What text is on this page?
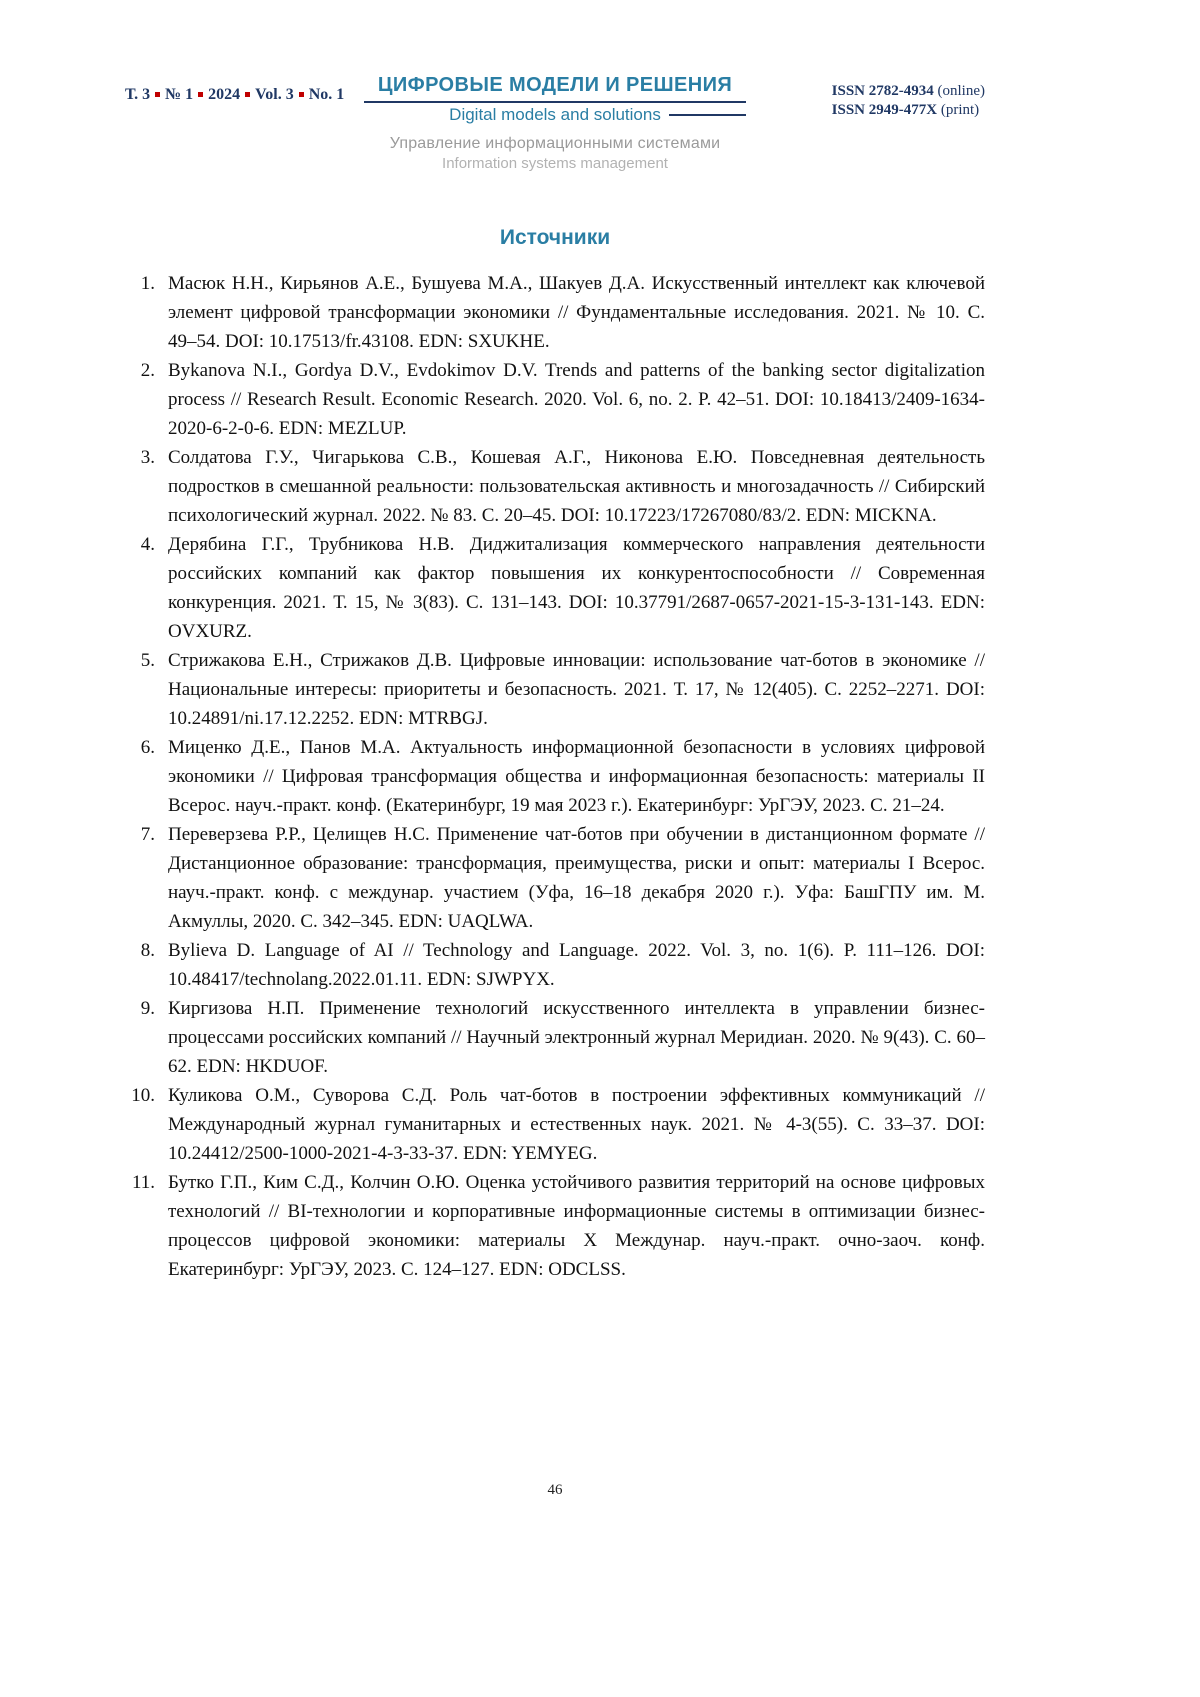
Т. 3 № 1 2024 Vol. 3 No. 1	ЦИФРОВЫЕ МОДЕЛИ И РЕШЕНИЯ
Digital models and solutions
ISSN 2782-4934 (online)
ISSN 2949-477X (print)
Управление информационными системами
Information systems management
Источники
1. Масюк Н.Н., Кирьянов А.Е., Бушуева М.А., Шакуев Д.А. Искусственный интеллект как ключевой элемент цифровой трансформации экономики // Фундаментальные исследования. 2021. № 10. С. 49–54. DOI: 10.17513/fr.43108. EDN: SXUKHE.
2. Bykanova N.I., Gordya D.V., Evdokimov D.V. Trends and patterns of the banking sector digitalization process // Research Result. Economic Research. 2020. Vol. 6, no. 2. P. 42–51. DOI: 10.18413/2409-1634-2020-6-2-0-6. EDN: MEZLUP.
3. Солдатова Г.У., Чигарькова С.В., Кошевая А.Г., Никонова Е.Ю. Повседневная деятельность подростков в смешанной реальности: пользовательская активность и многозадачность // Сибирский психологический журнал. 2022. № 83. С. 20–45. DOI: 10.17223/17267080/83/2. EDN: MICKNA.
4. Дерябина Г.Г., Трубникова Н.В. Диджитализация коммерческого направления деятельности российских компаний как фактор повышения их конкурентоспособности // Современная конкуренция. 2021. Т. 15, № 3(83). С. 131–143. DOI: 10.37791/2687-0657-2021-15-3-131-143. EDN: OVXURZ.
5. Стрижакова Е.Н., Стрижаков Д.В. Цифровые инновации: использование чат-ботов в экономике // Национальные интересы: приоритеты и безопасность. 2021. Т. 17, № 12(405). С. 2252–2271. DOI: 10.24891/ni.17.12.2252. EDN: MTRBGJ.
6. Миценко Д.Е., Панов М.А. Актуальность информационной безопасности в условиях цифровой экономики // Цифровая трансформация общества и информационная безопасность: материалы II Всерос. науч.-практ. конф. (Екатеринбург, 19 мая 2023 г.). Екатеринбург: УрГЭУ, 2023. С. 21–24.
7. Переверзева Р.Р., Целищев Н.С. Применение чат-ботов при обучении в дистанционном формате // Дистанционное образование: трансформация, преимущества, риски и опыт: материалы I Всерос. науч.-практ. конф. с междунар. участием (Уфа, 16–18 декабря 2020 г.). Уфа: БашГПУ им. М. Акмуллы, 2020. С. 342–345. EDN: UAQLWA.
8. Bylieva D. Language of AI // Technology and Language. 2022. Vol. 3, no. 1(6). P. 111–126. DOI: 10.48417/technolang.2022.01.11. EDN: SJWPYX.
9. Киргизова Н.П. Применение технологий искусственного интеллекта в управлении бизнес-процессами российских компаний // Научный электронный журнал Меридиан. 2020. № 9(43). С. 60–62. EDN: HKDUOF.
10. Куликова О.М., Суворова С.Д. Роль чат-ботов в построении эффективных коммуникаций // Международный журнал гуманитарных и естественных наук. 2021. № 4-3(55). С. 33–37. DOI: 10.24412/2500-1000-2021-4-3-33-37. EDN: YEMYEG.
11. Бутко Г.П., Ким С.Д., Колчин О.Ю. Оценка устойчивого развития территорий на основе цифровых технологий // BI-технологии и корпоративные информационные системы в оптимизации бизнес-процессов цифровой экономики: материалы X Междунар. науч.-практ. очно-заоч. конф. Екатеринбург: УрГЭУ, 2023. С. 124–127. EDN: ODCLSS.
46
